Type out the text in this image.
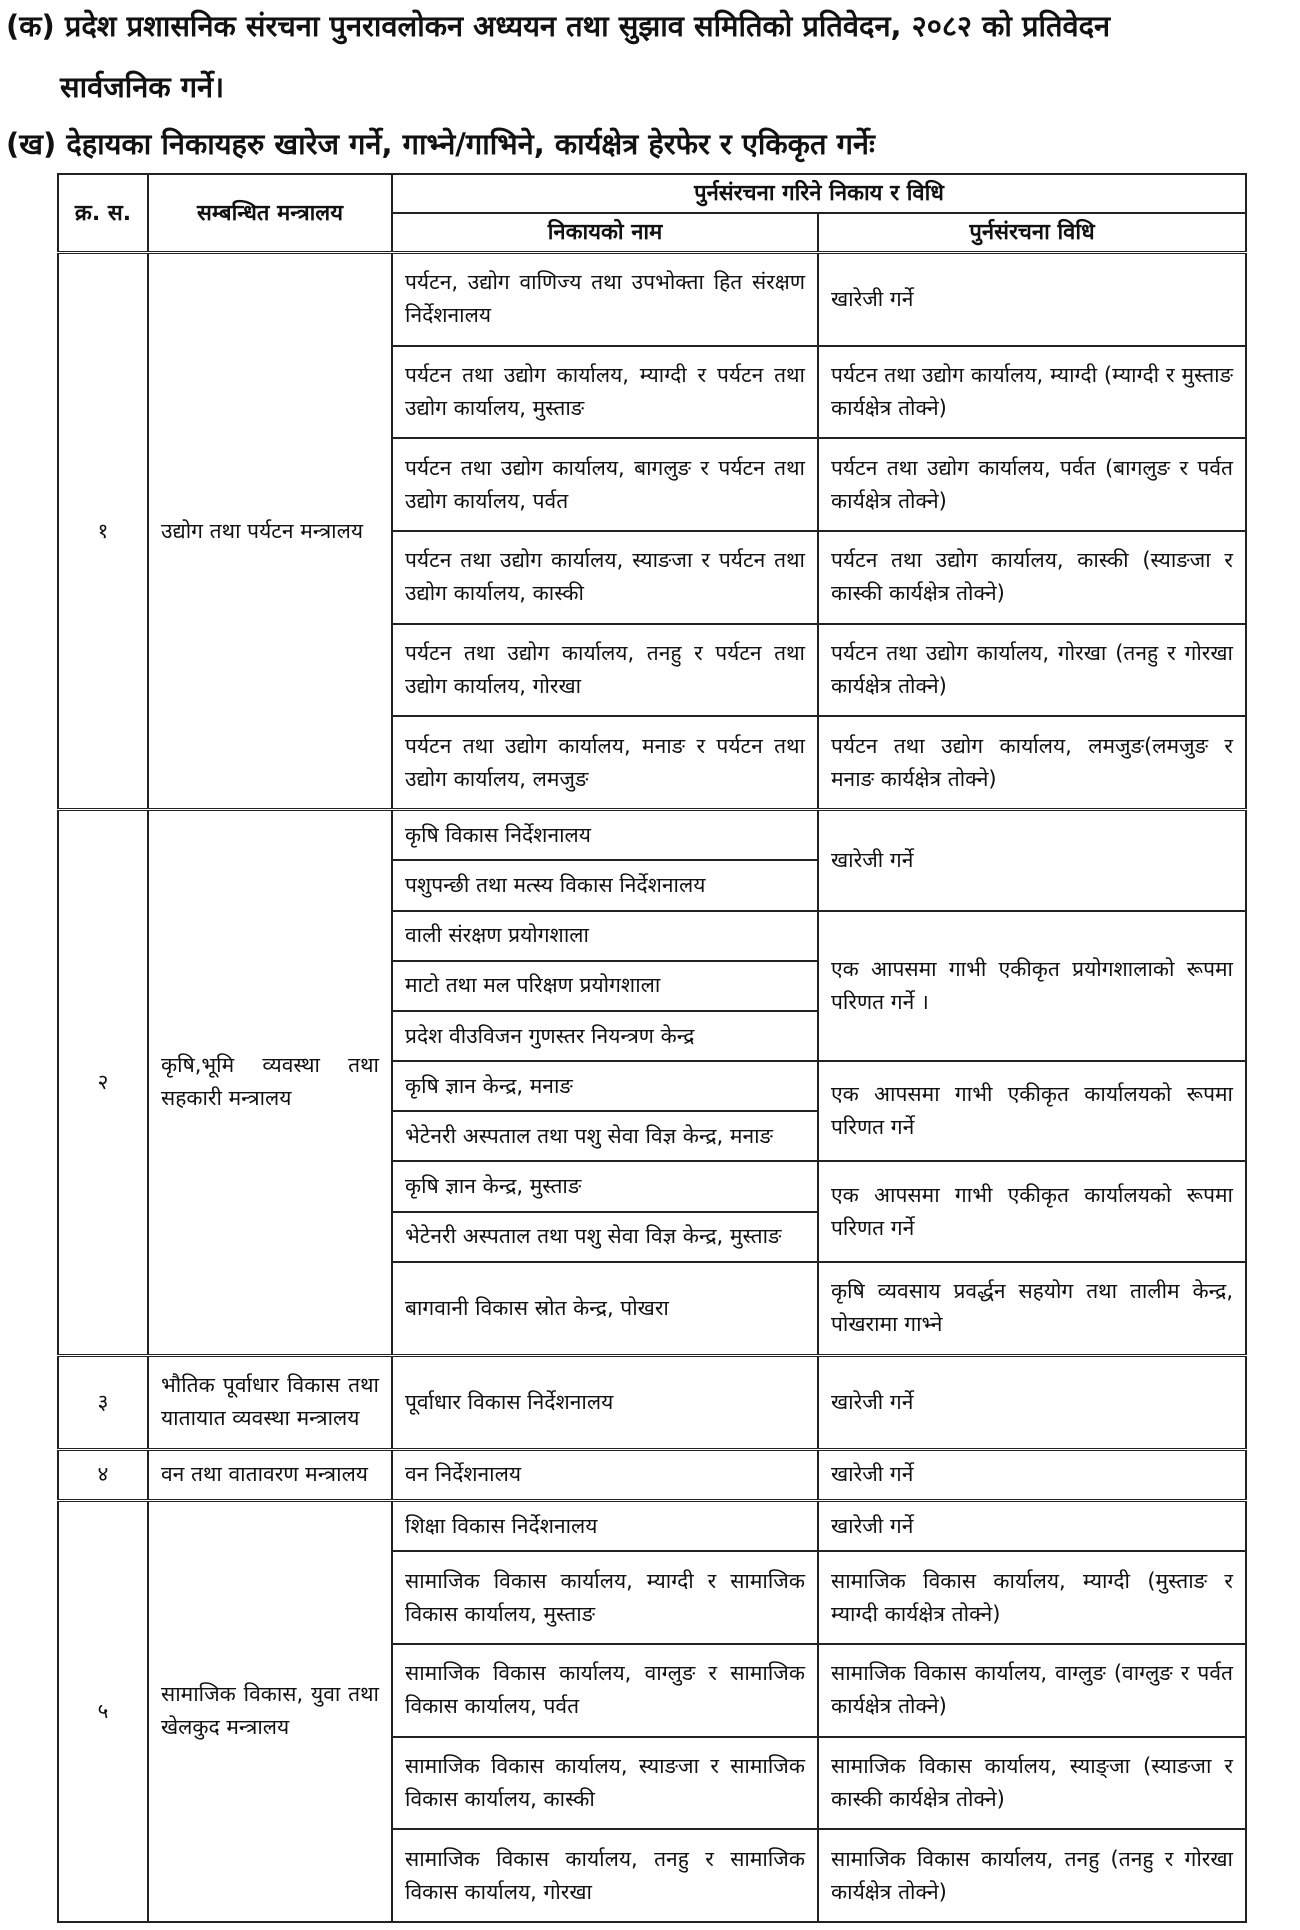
(क) प्रदेश प्रशासनिक संरचना पुनरावलोकन अध्ययन तथा सुझाव समितिको प्रतिवेदन, २०८२ को प्रतिवेदन
सार्वजनिक गर्ने।
(ख) देहायका निकायहरु खारेज गर्ने, गाभ्ने/गाभिने, कार्यक्षेत्र हेरफेर र एकिकृत गर्नेः
क्र. स.	सम्बन्धित मन्त्रालय	पुर्नसंरचना गरिने निकाय र विधि	
		निकायको नाम	पुर्नसंरचना विधि
१	उद्योग तथा पर्यटन मन्त्रालय	पर्यटन, उद्योग वाणिज्य तथा उपभोक्ता हित संरक्षण निर्देशनालय	खारेजी गर्ने
		पर्यटन तथा उद्योग कार्यालय, म्याग्दी र पर्यटन तथा उद्योग कार्यालय, मुस्ताङ	पर्यटन तथा उद्योग कार्यालय, म्याग्दी (म्याग्दी र मुस्ताङ कार्यक्षेत्र तोक्ने)
		पर्यटन तथा उद्योग कार्यालय, बागलुङ र पर्यटन तथा उद्योग कार्यालय, पर्वत	पर्यटन तथा उद्योग कार्यालय, पर्वत (बागलुङ र पर्वत कार्यक्षेत्र तोक्ने)
		पर्यटन तथा उद्योग कार्यालय, स्याङजा र पर्यटन तथा उद्योग कार्यालय, कास्की	पर्यटन तथा उद्योग कार्यालय, कास्की (स्याङजा र कास्की कार्यक्षेत्र तोक्ने)
		पर्यटन तथा उद्योग कार्यालय, तनहु र पर्यटन तथा उद्योग कार्यालय, गोरखा	पर्यटन तथा उद्योग कार्यालय, गोरखा (तनहु र गोरखा कार्यक्षेत्र तोक्ने)
		पर्यटन तथा उद्योग कार्यालय, मनाङ र पर्यटन तथा उद्योग कार्यालय, लमजुङ	पर्यटन तथा उद्योग कार्यालय, लमजुङ(लमजुङ र मनाङ कार्यक्षेत्र तोक्ने)
२	कृषि,भूमि व्यवस्था तथा सहकारी मन्त्रालय	कृषि विकास निर्देशनालय	खारेजी गर्ने
		पशुपन्छी तथा मत्स्य विकास निर्देशनालय	
		वाली संरक्षण प्रयोगशाला	एक आपसमा गाभी एकीकृत प्रयोगशालाको रूपमा परिणत गर्ने ।
		माटो तथा मल परिक्षण प्रयोगशाला	
		प्रदेश वीउविजन गुणस्तर नियन्त्रण केन्द्र	
		कृषि ज्ञान केन्द्र, मनाङ	एक आपसमा गाभी एकीकृत कार्यालयको रूपमा परिणत गर्ने
		भेटेनरी अस्पताल तथा पशु सेवा विज्ञ केन्द्र, मनाङ	
		कृषि ज्ञान केन्द्र, मुस्ताङ	एक आपसमा गाभी एकीकृत कार्यालयको रूपमा परिणत गर्ने
		भेटेनरी अस्पताल तथा पशु सेवा विज्ञ केन्द्र, मुस्ताङ	
		बागवानी विकास स्रोत केन्द्र, पोखरा	कृषि व्यवसाय प्रवर्द्धन सहयोग तथा तालीम केन्द्र, पोखरामा गाभ्ने
३	भौतिक पूर्वाधार विकास तथा यातायात व्यवस्था मन्त्रालय	पूर्वाधार विकास निर्देशनालय	खारेजी गर्ने
४	वन तथा वातावरण मन्त्रालय	वन निर्देशनालय	खारेजी गर्ने
५	सामाजिक विकास, युवा तथा खेलकुद मन्त्रालय	शिक्षा विकास निर्देशनालय	खारेजी गर्ने
		सामाजिक विकास कार्यालय, म्याग्दी र सामाजिक विकास कार्यालय, मुस्ताङ	सामाजिक विकास कार्यालय, म्याग्दी (मुस्ताङ र म्याग्दी कार्यक्षेत्र तोक्ने)
		सामाजिक विकास कार्यालय, वाग्लुङ र सामाजिक विकास कार्यालय, पर्वत	सामाजिक विकास कार्यालय, वाग्लुङ (वाग्लुङ र पर्वत कार्यक्षेत्र तोक्ने)
		सामाजिक विकास कार्यालय, स्याङजा र सामाजिक विकास कार्यालय, कास्की	सामाजिक विकास कार्यालय, स्याङ्जा (स्याङजा र कास्की कार्यक्षेत्र तोक्ने)
		सामाजिक विकास कार्यालय, तनहु र सामाजिक विकास कार्यालय, गोरखा	सामाजिक विकास कार्यालय, तनहु (तनहु र गोरखा कार्यक्षेत्र तोक्ने)
